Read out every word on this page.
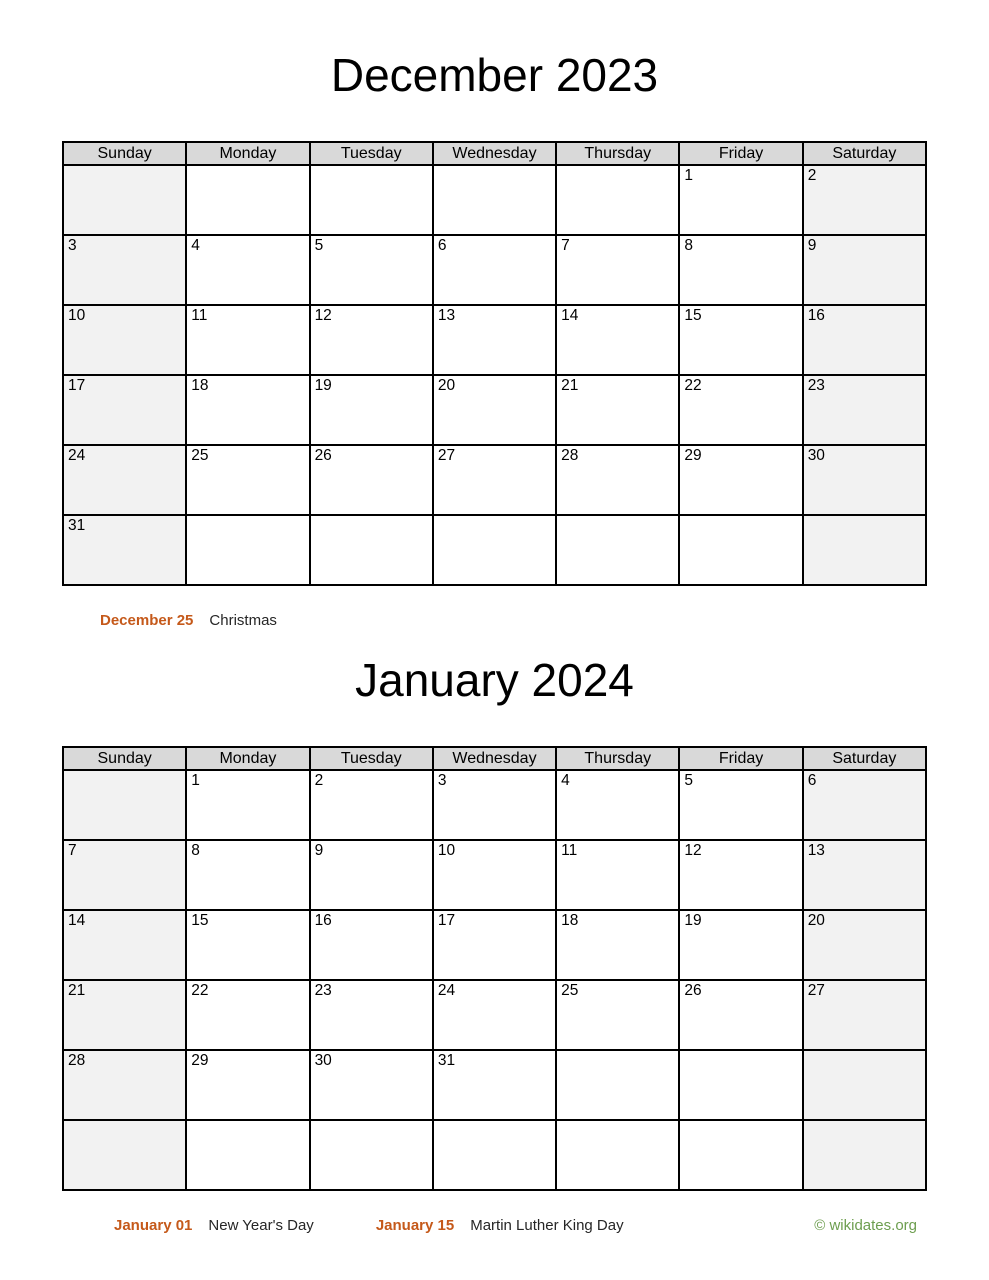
December 2023
Sunday	Monday	Tuesday	Wednesday	Thursday	Friday	Saturday
					1	2
3	4	5	6	7	8	9
10	11	12	13	14	15	16
17	18	19	20	21	22	23
24	25	26	27	28	29	30
31						
December 25 Christmas
January 2024
Sunday	Monday	Tuesday	Wednesday	Thursday	Friday	Saturday
	1	2	3	4	5	6
7	8	9	10	11	12	13
14	15	16	17	18	19	20
21	22	23	24	25	26	27
28	29	30	31			

January 01 New Year's Day	January 15 Martin Luther King Day	© wikidates.org
